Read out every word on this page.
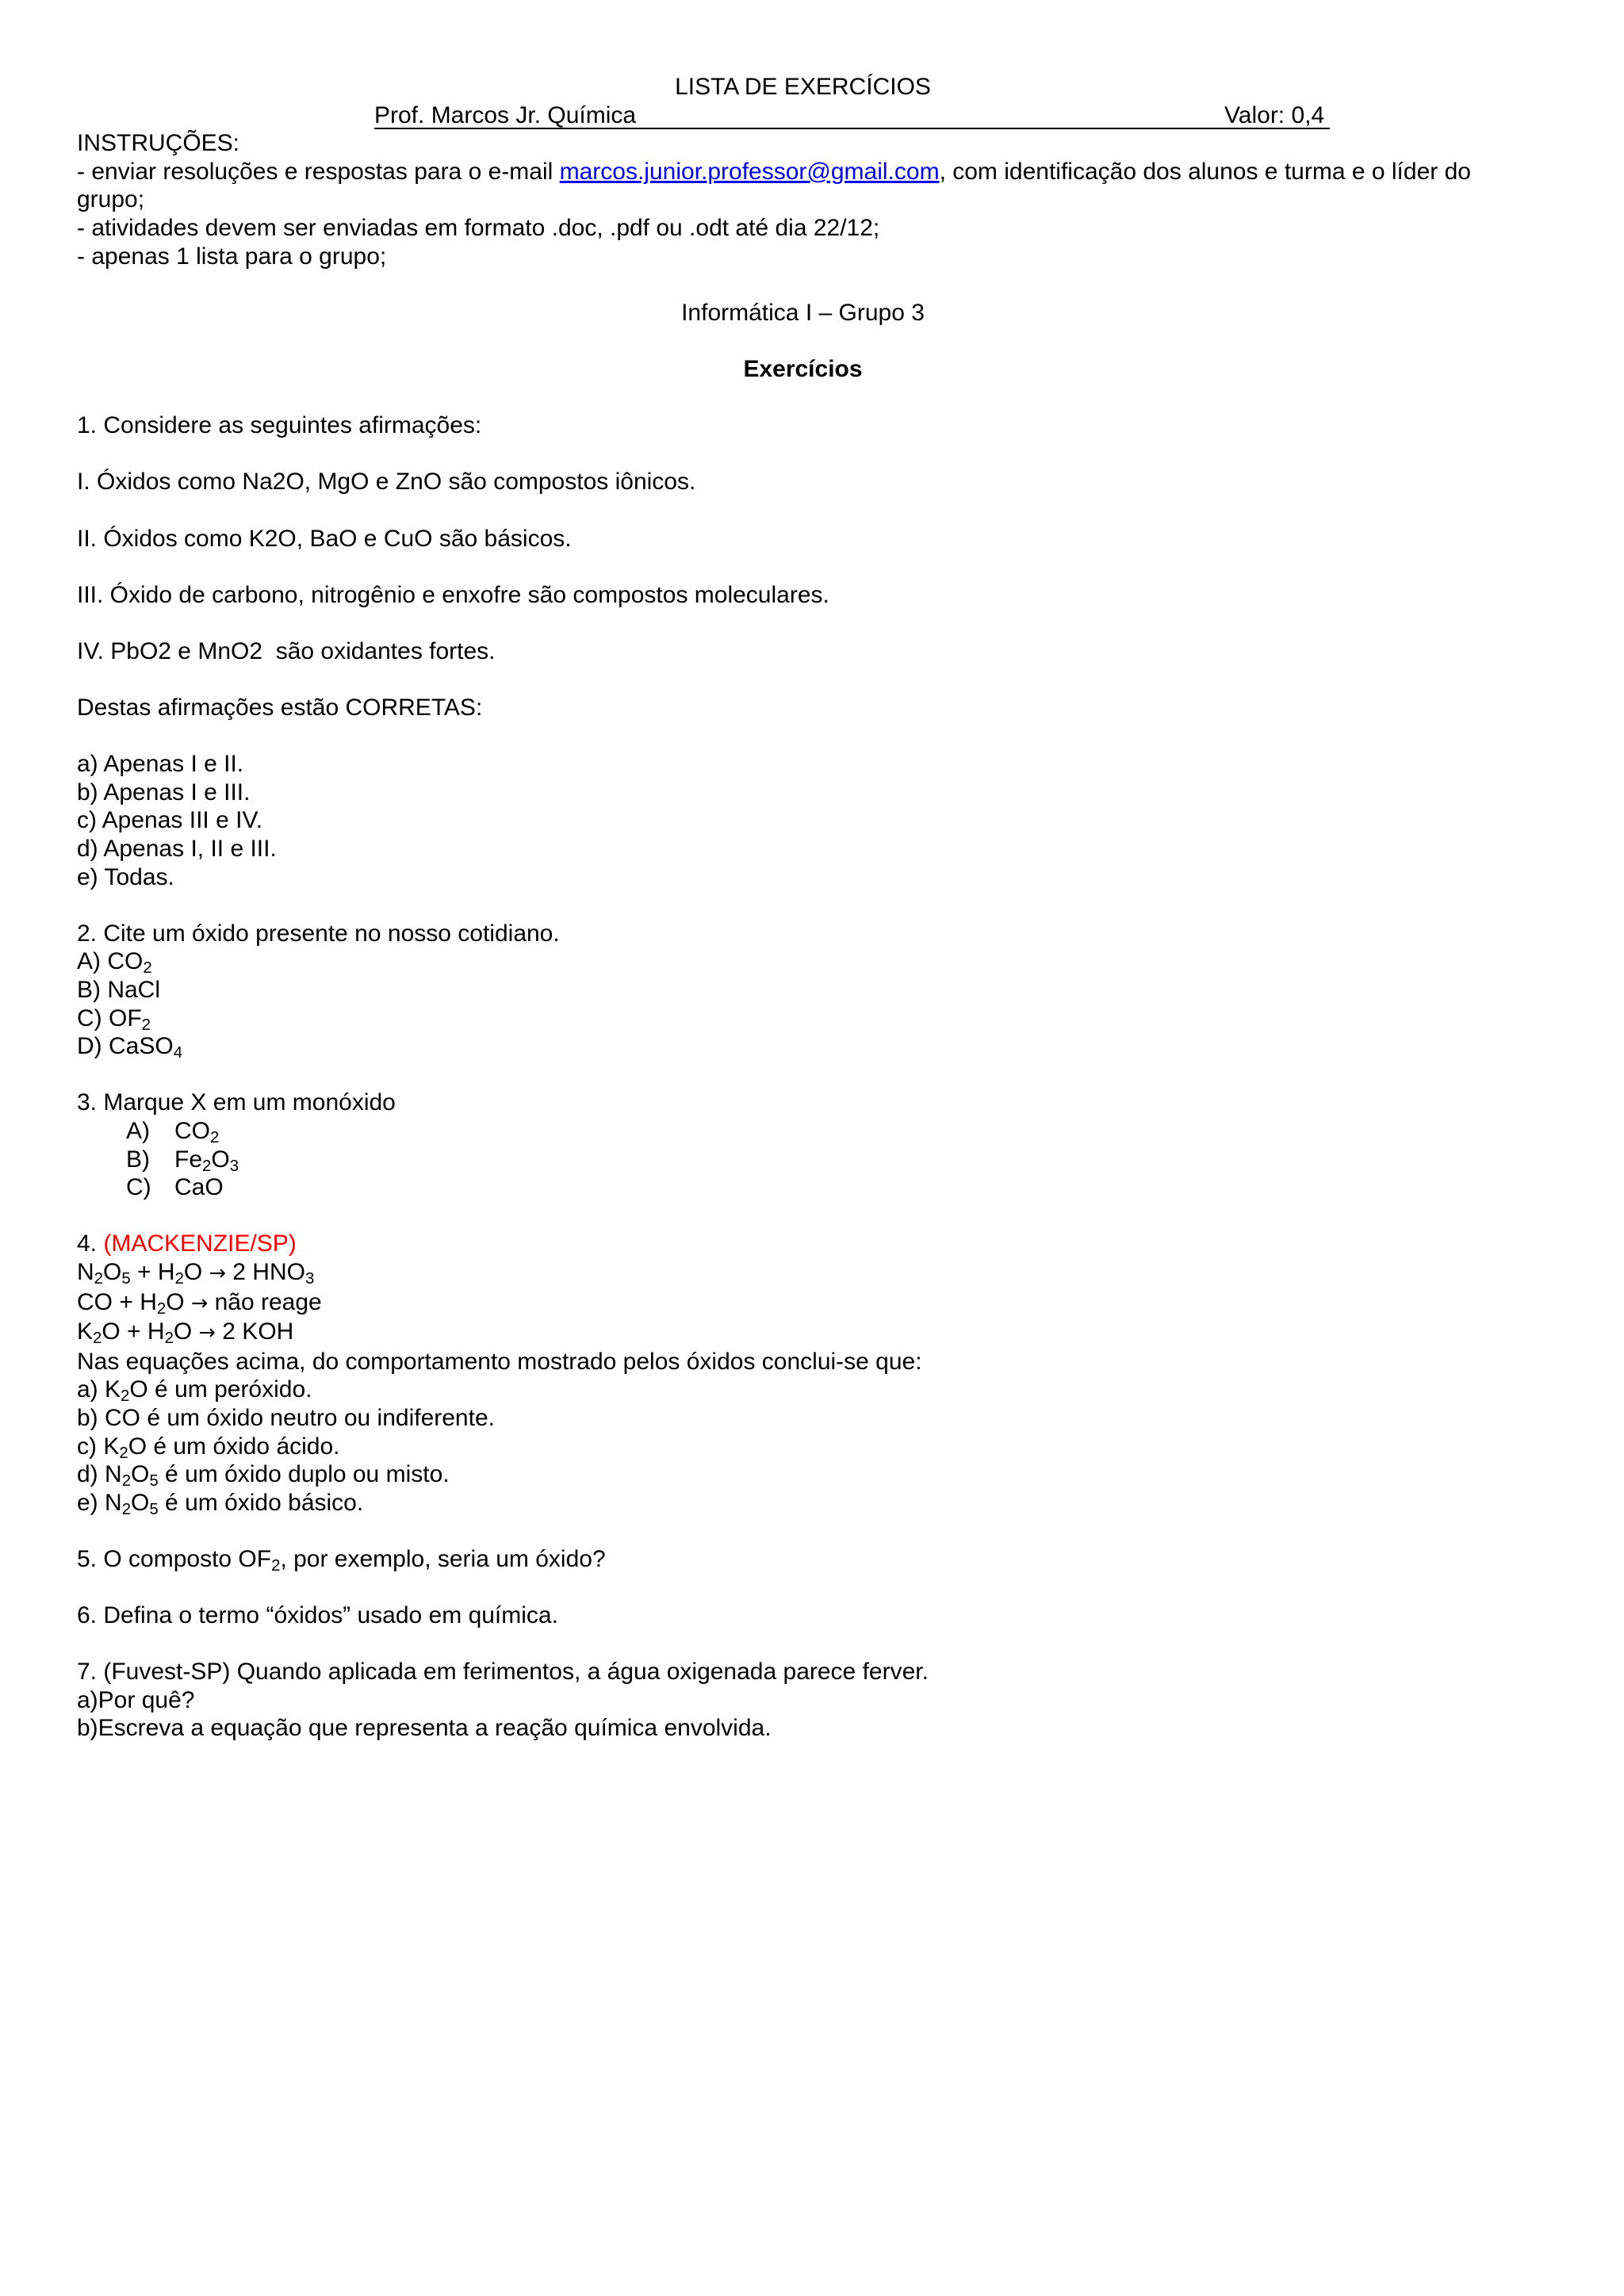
LISTA DE EXERCÍCIOS
Prof. Marcos Jr. Química	Valor: 0,4
INSTRUÇÕES:
- enviar resoluções e respostas para o e-mail marcos.junior.professor@gmail.com, com identificação dos alunos e turma e o líder do
grupo;
- atividades devem ser enviadas em formato .doc, .pdf ou .odt até dia 22/12;
- apenas 1 lista para o grupo;
Informática I – Grupo 3
Exercícios
1. Considere as seguintes afirmações:
I. Óxidos como Na2O, MgO e ZnO são compostos iônicos.
II. Óxidos como K2O, BaO e CuO são básicos.
III. Óxido de carbono, nitrogênio e enxofre são compostos moleculares.
IV. PbO2 e MnO2  são oxidantes fortes.
Destas afirmações estão CORRETAS:
a) Apenas I e II.
b) Apenas I e III.
c) Apenas III e IV.
d) Apenas I, II e III.
e) Todas.
2. Cite um óxido presente no nosso cotidiano.
A) $CO_2$
B) NaCl
C) $OF_2$
D) CaSO$_4$
3. Marque X em um monóxido
A) $CO_2$
B) $Fe_2O_3$
C) CaO
4. (MACKENZIE/SP)
$N_2O_5 + H_2O \to 2$ $HNO_3$
CO + $H_2O$ → não reage
$K_2O + H_2O \to 2$ KOH
Nas equações acima, do comportamento mostrado pelos óxidos conclui-se que:
a) $K_2O$ é um peróxido.
b) CO é um óxido neutro ou indiferente.
c) $K_2O$ é um óxido ácido.
d) $N_2O_5$ é um óxido duplo ou misto.
e) $N_2O_5$ é um óxido básico.
5. O composto $OF_2$, por exemplo, seria um óxido?
6. Defina o termo “óxidos” usado em química.
7. (Fuvest-SP) Quando aplicada em ferimentos, a água oxigenada parece ferver.
a)Por quê?
b)Escreva a equação que representa a reação química envolvida.
